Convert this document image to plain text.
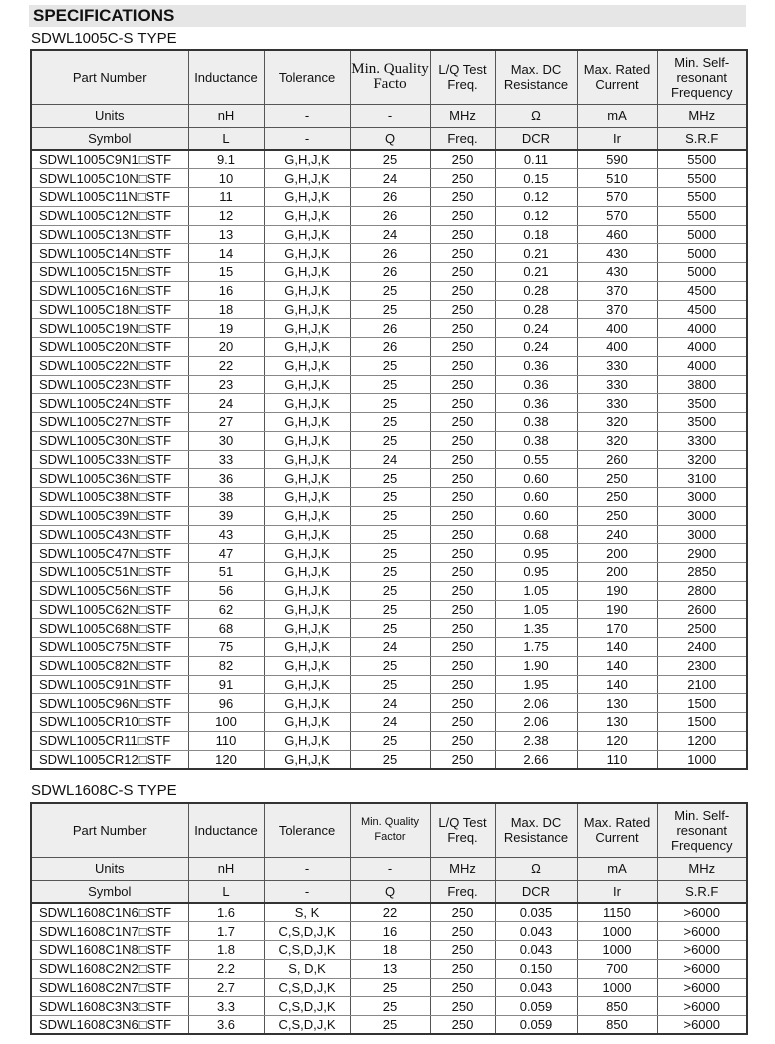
SPECIFICATIONS
SDWL1005C-S TYPE
Part Number	Inductance	Tolerance	Min. Quality Facto	L/Q Test Freq.	Max. DC Resistance	Max. Rated Current	Min. Self-resonant Frequency
Units	nH	-	-	MHz	Ω	mA	MHz
Symbol	L	-	Q	Freq.	DCR	Ir	S.R.F
SDWL1005C9N1□STF	9.1	G,H,J,K	25	250	0.11	590	5500
SDWL1005C10N□STF	10	G,H,J,K	24	250	0.15	510	5500
SDWL1005C11N□STF	11	G,H,J,K	26	250	0.12	570	5500
SDWL1005C12N□STF	12	G,H,J,K	26	250	0.12	570	5500
SDWL1005C13N□STF	13	G,H,J,K	24	250	0.18	460	5000
SDWL1005C14N□STF	14	G,H,J,K	26	250	0.21	430	5000
SDWL1005C15N□STF	15	G,H,J,K	26	250	0.21	430	5000
SDWL1005C16N□STF	16	G,H,J,K	25	250	0.28	370	4500
SDWL1005C18N□STF	18	G,H,J,K	25	250	0.28	370	4500
SDWL1005C19N□STF	19	G,H,J,K	26	250	0.24	400	4000
SDWL1005C20N□STF	20	G,H,J,K	26	250	0.24	400	4000
SDWL1005C22N□STF	22	G,H,J,K	25	250	0.36	330	4000
SDWL1005C23N□STF	23	G,H,J,K	25	250	0.36	330	3800
SDWL1005C24N□STF	24	G,H,J,K	25	250	0.36	330	3500
SDWL1005C27N□STF	27	G,H,J,K	25	250	0.38	320	3500
SDWL1005C30N□STF	30	G,H,J,K	25	250	0.38	320	3300
SDWL1005C33N□STF	33	G,H,J,K	24	250	0.55	260	3200
SDWL1005C36N□STF	36	G,H,J,K	25	250	0.60	250	3100
SDWL1005C38N□STF	38	G,H,J,K	25	250	0.60	250	3000
SDWL1005C39N□STF	39	G,H,J,K	25	250	0.60	250	3000
SDWL1005C43N□STF	43	G,H,J,K	25	250	0.68	240	3000
SDWL1005C47N□STF	47	G,H,J,K	25	250	0.95	200	2900
SDWL1005C51N□STF	51	G,H,J,K	25	250	0.95	200	2850
SDWL1005C56N□STF	56	G,H,J,K	25	250	1.05	190	2800
SDWL1005C62N□STF	62	G,H,J,K	25	250	1.05	190	2600
SDWL1005C68N□STF	68	G,H,J,K	25	250	1.35	170	2500
SDWL1005C75N□STF	75	G,H,J,K	24	250	1.75	140	2400
SDWL1005C82N□STF	82	G,H,J,K	25	250	1.90	140	2300
SDWL1005C91N□STF	91	G,H,J,K	25	250	1.95	140	2100
SDWL1005C96N□STF	96	G,H,J,K	24	250	2.06	130	1500
SDWL1005CR10□STF	100	G,H,J,K	24	250	2.06	130	1500
SDWL1005CR11□STF	110	G,H,J,K	25	250	2.38	120	1200
SDWL1005CR12□STF	120	G,H,J,K	25	250	2.66	110	1000
SDWL1608C-S TYPE
Part Number	Inductance	Tolerance	Min. Quality Factor	L/Q Test Freq.	Max. DC Resistance	Max. Rated Current	Min. Self-resonant Frequency
Units	nH	-	-	MHz	Ω	mA	MHz
Symbol	L	-	Q	Freq.	DCR	Ir	S.R.F
SDWL1608C1N6□STF	1.6	S, K	22	250	0.035	1150	>6000
SDWL1608C1N7□STF	1.7	C,S,D,J,K	16	250	0.043	1000	>6000
SDWL1608C1N8□STF	1.8	C,S,D,J,K	18	250	0.043	1000	>6000
SDWL1608C2N2□STF	2.2	S, D,K	13	250	0.150	700	>6000
SDWL1608C2N7□STF	2.7	C,S,D,J,K	25	250	0.043	1000	>6000
SDWL1608C3N3□STF	3.3	C,S,D,J,K	25	250	0.059	850	>6000
SDWL1608C3N6□STF	3.6	C,S,D,J,K	25	250	0.059	850	>6000
